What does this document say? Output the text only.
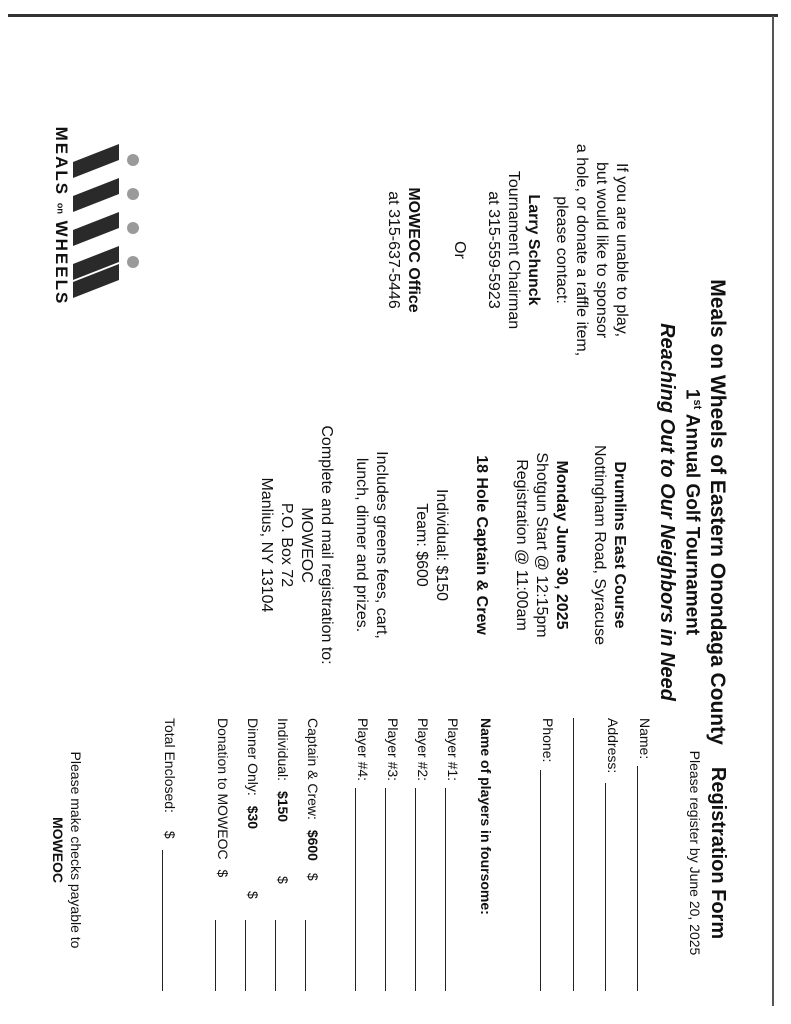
Meals on Wheels of Eastern Onondaga County
1st Annual Golf Tournament
Reaching Out to Our Neighbors in Need
If you are unable to play,
but would like to sponsor
a hole, or donate a raffle item,
please contact:
Larry Schunck
Tournament Chairman
at 315-559-5923
Or
MOWEOC Office
at 315-637-5446
MEALS on WHEELS
Drumlins East Course
Nottingham Road, Syracuse
Monday June 30, 2025
Shotgun Start @ 12:15pm
Registration @ 11:00am
18 Hole Captain & Crew
Individual: $150
Team: $600
Includes greens fees, cart,
lunch, dinner and prizes.
Complete and mail registration to:
MOWEOC
P.O. Box 72
Manlius, NY 13104
Registration Form
Please register by June 20, 2025
Name:
Address:
Phone:
Name of players in foursome:
Player #1:
Player #2:
Player #3:
Player #4:
Captain & Crew: $600 $
Individual: $150 $
Dinner Only: $30 $
Donation to MOWEOC $
Total Enclosed: $
Please make checks payable to
MOWEOC
